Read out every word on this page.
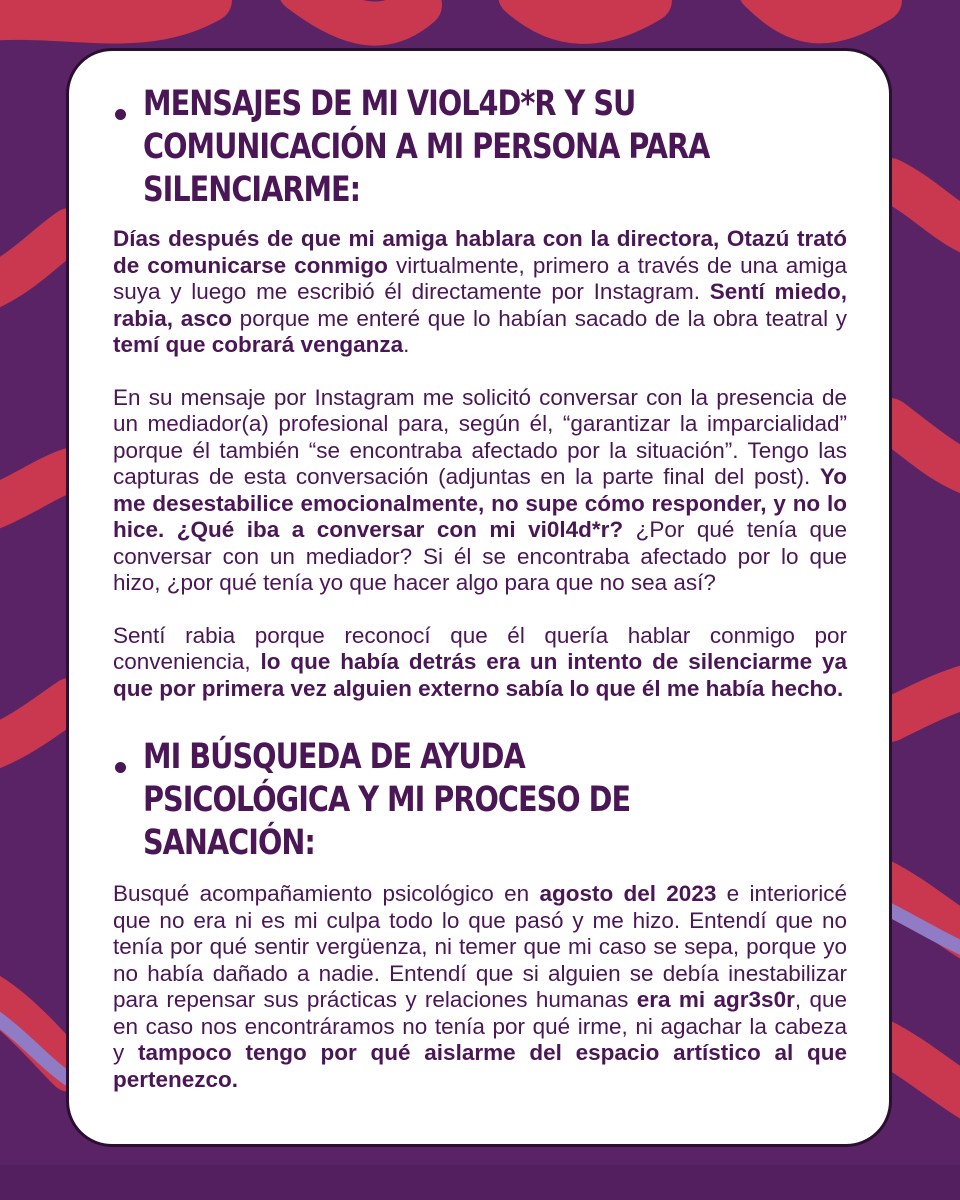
MENSAJES DE MI VIOL4D*R Y SU COMUNICACIÓN A MI PERSONA PARA SILENCIARME:

Días después de que mi amiga hablara con la directora, Otazú trató de comunicarse conmigo virtualmente, primero a través de una amiga suya y luego me escribió él directamente por Instagram. Sentí miedo, rabia, asco porque me enteré que lo habían sacado de la obra teatral y temí que cobrará venganza.

En su mensaje por Instagram me solicitó conversar con la presencia de un mediador(a) profesional para, según él, “garantizar la imparcialidad” porque él también “se encontraba afectado por la situación”. Tengo las capturas de esta conversación (adjuntas en la parte final del post). Yo me desestabilice emocionalmente, no supe cómo responder, y no lo hice. ¿Qué iba a conversar con mi vi0l4d*r? ¿Por qué tenía que conversar con un mediador? Si él se encontraba afectado por lo que hizo, ¿por qué tenía yo que hacer algo para que no sea así?

Sentí rabia porque reconocí que él quería hablar conmigo por conveniencia, lo que había detrás era un intento de silenciarme ya que por primera vez alguien externo sabía lo que él me había hecho.

MI BÚSQUEDA DE AYUDA PSICOLÓGICA Y MI PROCESO DE SANACIÓN:

Busqué acompañamiento psicológico en agosto del 2023 e interioricé que no era ni es mi culpa todo lo que pasó y me hizo. Entendí que no tenía por qué sentir vergüenza, ni temer que mi caso se sepa, porque yo no había dañado a nadie. Entendí que si alguien se debía inestabilizar para repensar sus prácticas y relaciones humanas era mi agr3s0r, que en caso nos encontráramos no tenía por qué irme, ni agachar la cabeza y tampoco tengo por qué aislarme del espacio artístico al que pertenezco.
